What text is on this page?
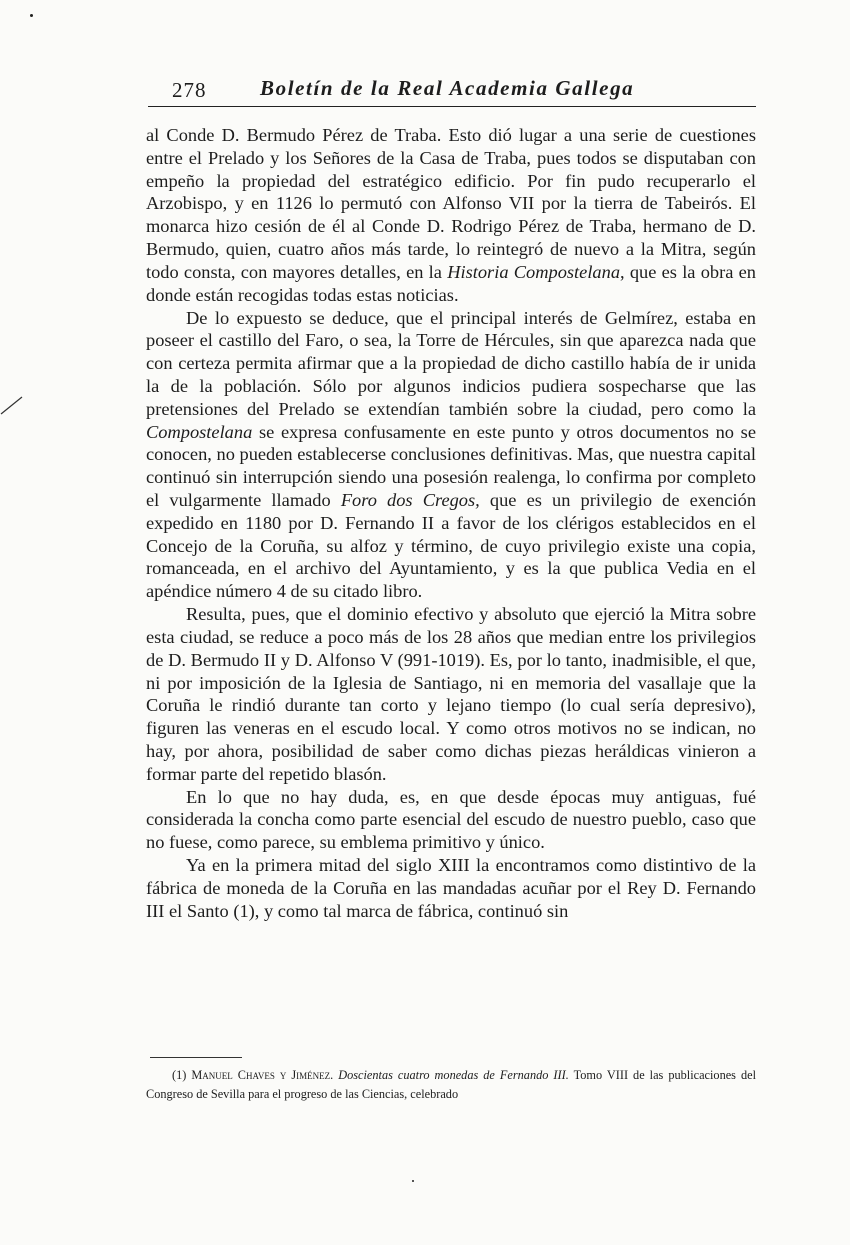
278	Boletín de la Real Academia Gallega

al Conde D. Bermudo Pérez de Traba. Esto dió lugar a una serie de cuestiones entre el Prelado y los Señores de la Casa de Traba, pues todos se disputaban con empeño la propiedad del estratégico edificio. Por fin pudo recuperarlo el Arzobispo, y en 1126 lo permutó con Alfonso VII por la tierra de Tabeirós. El monarca hizo cesión de él al Conde D. Rodrigo Pérez de Traba, hermano de D. Bermudo, quien, cuatro años más tarde, lo reintegró de nuevo a la Mitra, según todo consta, con mayores detalles, en la Historia Compostelana, que es la obra en donde están recogidas todas estas noticias.

De lo expuesto se deduce, que el principal interés de Gelmírez, estaba en poseer el castillo del Faro, o sea, la Torre de Hércules, sin que aparezca nada que con certeza permita afirmar que a la propiedad de dicho castillo había de ir unida la de la población. Sólo por algunos indicios pudiera sospecharse que las pretensiones del Prelado se extendían también sobre la ciudad, pero como la Compostelana se expresa confusamente en este punto y otros documentos no se conocen, no pueden establecerse conclusiones definitivas. Mas, que nuestra capital continuó sin interrupción siendo una posesión realenga, lo confirma por completo el vulgarmente llamado Foro dos Cregos, que es un privilegio de exención expedido en 1180 por D. Fernando II a favor de los clérigos establecidos en el Concejo de la Coruña, su alfoz y término, de cuyo privilegio existe una copia, romanceada, en el archivo del Ayuntamiento, y es la que publica Vedia en el apéndice número 4 de su citado libro.

Resulta, pues, que el dominio efectivo y absoluto que ejerció la Mitra sobre esta ciudad, se reduce a poco más de los 28 años que median entre los privilegios de D. Bermudo II y D. Alfonso V (991-1019). Es, por lo tanto, inadmisible, el que, ni por imposición de la Iglesia de Santiago, ni en memoria del vasallaje que la Coruña le rindió durante tan corto y lejano tiempo (lo cual sería depresivo), figuren las veneras en el escudo local. Y como otros motivos no se indican, no hay, por ahora, posibilidad de saber como dichas piezas heráldicas vinieron a formar parte del repetido blasón.

En lo que no hay duda, es, en que desde épocas muy antiguas, fué considerada la concha como parte esencial del escudo de nuestro pueblo, caso que no fuese, como parece, su emblema primitivo y único.

Ya en la primera mitad del siglo XIII la encontramos como distintivo de la fábrica de moneda de la Coruña en las mandadas acuñar por el Rey D. Fernando III el Santo (1), y como tal marca de fábrica, continuó sin

(1) Manuel Chaves y Jiménez. Doscientas cuatro monedas de Fernando III. Tomo VIII de las publicaciones del Congreso de Sevilla para el progreso de las Ciencias, celebrado
